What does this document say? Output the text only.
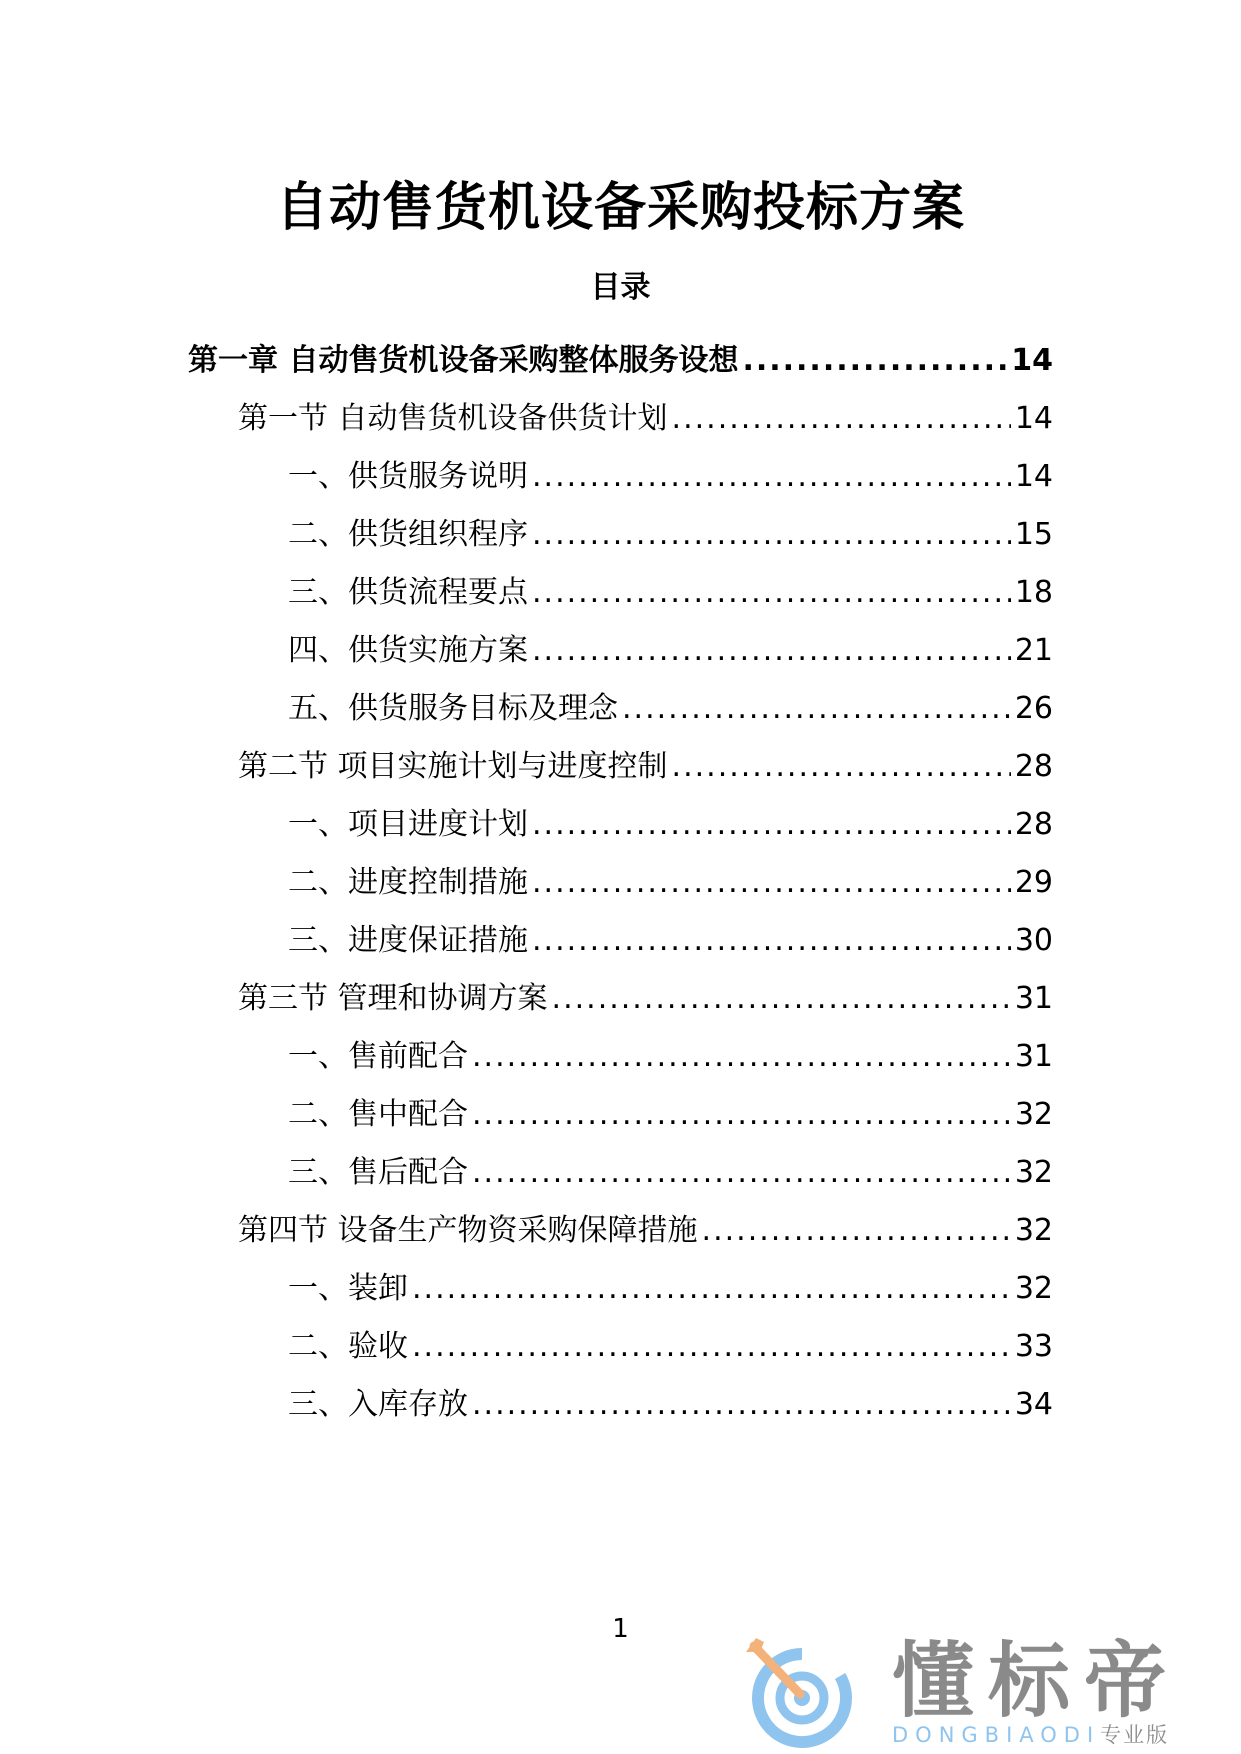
自动售货机设备采购投标方案
目录
第一章 自动售货机设备采购整体服务设想 .....	14
第一节 自动售货机设备供货计划 .....	14
一、供货服务说明 .....	14
二、供货组织程序 .....	15
三、供货流程要点 .....	18
四、供货实施方案 .....	21
五、供货服务目标及理念 .....	26
第二节 项目实施计划与进度控制 .....	28
一、项目进度计划 .....	28
二、进度控制措施 .....	29
三、进度保证措施 .....	30
第三节 管理和协调方案 .....	31
一、售前配合 .....	31
二、售中配合 .....	32
三、售后配合 .....	32
第四节 设备生产物资采购保障措施 .....	32
一、装卸 .....	32
二、验收 .....	33
三、入库存放 .....	34
1
懂标帝
DONGBIAODI专业版
